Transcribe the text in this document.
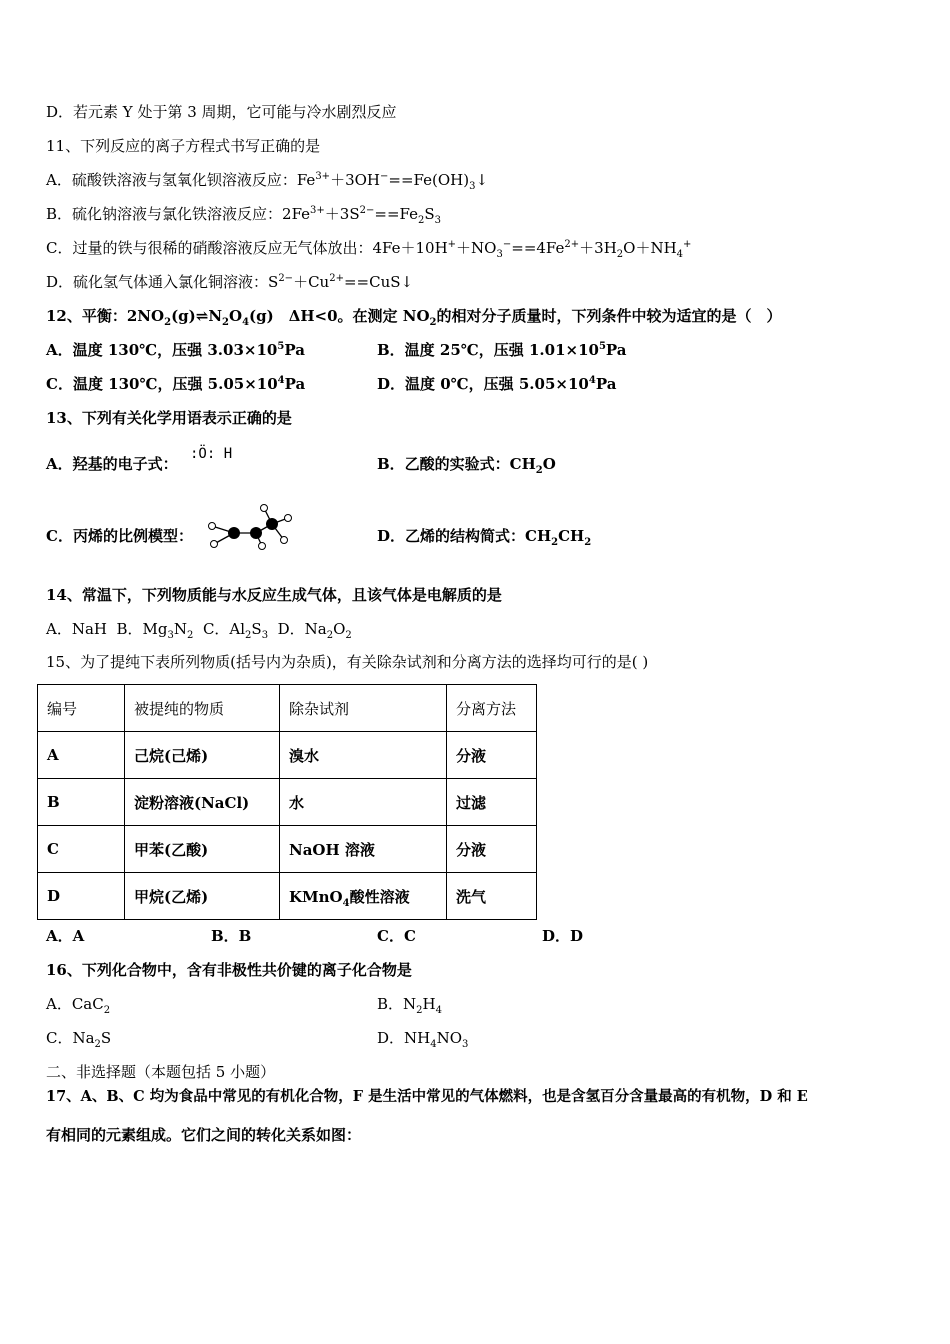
D．若元素 Y 处于第 3 周期，它可能与冷水剧烈反应
11、下列反应的离子方程式书写正确的是
A．硫酸铁溶液与氢氧化钡溶液反应：$Fe^{3+}+3OH^-==Fe(OH)_3↓$
B．硫化钠溶液与氯化铁溶液反应：$2Fe^{3+}+3S^{2-}==Fe_2S_3$
C．过量的铁与很稀的硝酸溶液反应无气体放出：$4Fe+10H^++NO_3^-==4Fe^{2+}+3H_2O+NH_4^+$
D．硫化氢气体通入氯化铜溶液：$S^{2-}+Cu^{2+}==CuS↓$
12、平衡：$2NO_2(g)\rightleftharpoons N_2O_4(g)$　ΔH<0。在测定 $NO_2$的相对分子质量时，下列条件中较为适宜的是（　）
A．温度 130℃，压强 $3.03\times 10^5Pa$	B．温度 25℃，压强 $1.01\times 10^5Pa$
C．温度 130℃，压强 $5.05\times 10^4Pa$	D．温度 0℃，压强 $5.05\times 10^4Pa$
13、下列有关化学用语表示正确的是
A．羟基的电子式：
:Ö: H
B．乙酸的实验式：$CH_2O$
C．丙烯的比例模型：	D．乙烯的结构简式：$CH_2CH_2$
14、常温下，下列物质能与水反应生成气体，且该气体是电解质的是
A．NaH B．$Mg_3N_2$ C．$Al_2S_3$ D．$Na_2O_2$
15、为了提纯下表所列物质(括号内为杂质)，有关除杂试剂和分离方法的选择均可行的是( )
编号	被提纯的物质	除杂试剂	分离方法
A	己烷(己烯)	溴水	分液
B	淀粉溶液(NaCl)	水	过滤
C	甲苯(乙酸)	NaOH 溶液	分液
D	甲烷(乙烯)	KMnO$_4$酸性溶液	洗气
A．A	B．B	C．C	D．D
16、下列化合物中，含有非极性共价键的离子化合物是
A．CaC$_2$	B．$N_2H_4$
C．$Na_2S$	D．$NH_4NO_3$
二、非选择题（本题包括 5 小题）
17、A、B、C 均为食品中常见的有机化合物，F 是生活中常见的气体燃料，也是含氢百分含量最高的有机物，D 和 E
有相同的元素组成。它们之间的转化关系如图：
